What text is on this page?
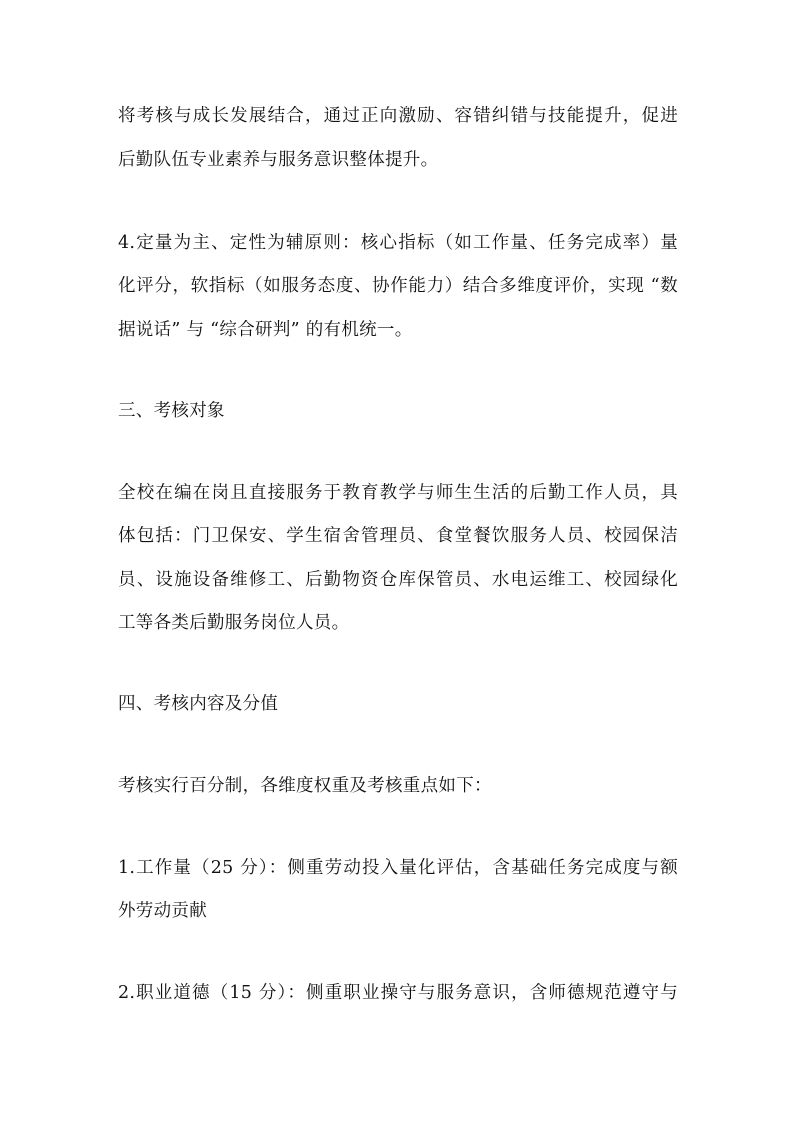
将考核与成长发展结合，通过正向激励、容错纠错与技能提升，促进
后勤队伍专业素养与服务意识整体提升。
4.定量为主、定性为辅原则：核心指标（如工作量、任务完成率）量
化评分，软指标（如服务态度、协作能力）结合多维度评价，实现 “数
据说话” 与 “综合研判” 的有机统一。
三、考核对象
全校在编在岗且直接服务于教育教学与师生生活的后勤工作人员，具
体包括：门卫保安、学生宿舍管理员、食堂餐饮服务人员、校园保洁
员、设施设备维修工、后勤物资仓库保管员、水电运维工、校园绿化
工等各类后勤服务岗位人员。
四、考核内容及分值
考核实行百分制，各维度权重及考核重点如下：
1.工作量（25 分）：侧重劳动投入量化评估，含基础任务完成度与额
外劳动贡献
2.职业道德（15 分）：侧重职业操守与服务意识，含师德规范遵守与
